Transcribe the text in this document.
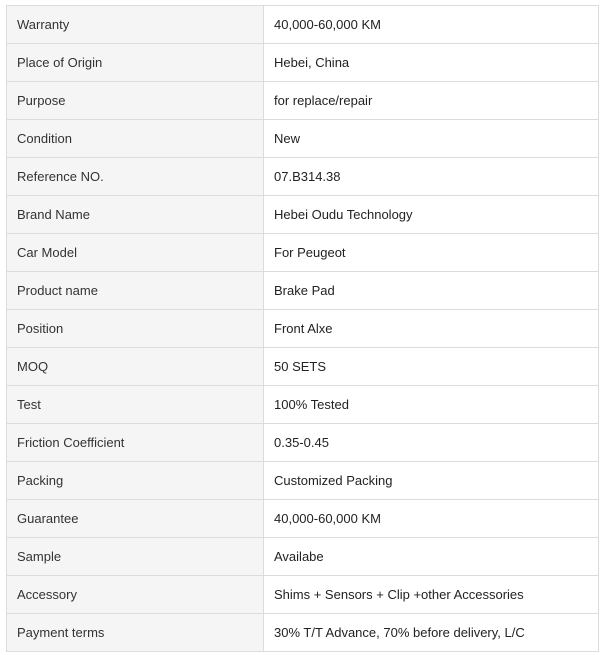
Warranty	40,000-60,000 KM
Place of Origin	Hebei, China
Purpose	for replace/repair
Condition	New
Reference NO.	07.B314.38
Brand Name	Hebei Oudu Technology
Car Model	For Peugeot
Product name	Brake Pad
Position	Front Alxe
MOQ	50 SETS
Test	100% Tested
Friction Coefficient	0.35-0.45
Packing	Customized Packing
Guarantee	40,000-60,000 KM
Sample	Availabe
Accessory	Shims + Sensors + Clip +other Accessories
Payment terms	30% T/T Advance, 70% before delivery, L/C
